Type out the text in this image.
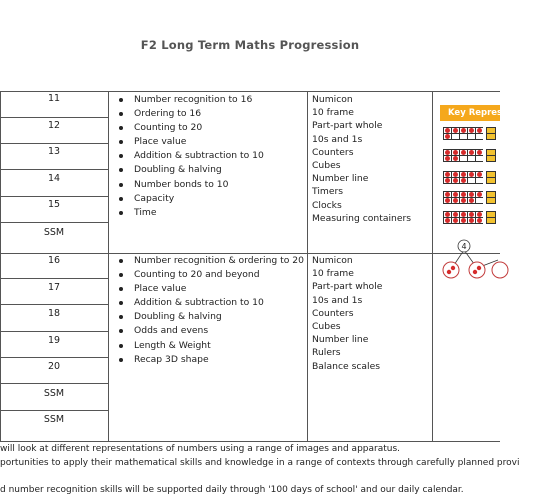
F2 Long Term Maths Progression
11
12
13
14
15
SSM
Number recognition to 16
Ordering to 16
Counting to 20
Place value
Addition & subtraction to 10
Doubling & halving
Number bonds to 10
Capacity
Time
Numicon
10 frame
Part-part whole
10s and 1s
Counters
Cubes
Number line
Timers
Clocks
Measuring containers
Key Representations
4
16
17
18
19
20
SSM
SSM
Number recognition & ordering to 20
Counting to 20 and beyond
Place value
Addition & subtraction to 10
Doubling & halving
Odds and evens
Length & Weight
Recap 3D shape
Numicon
10 frame
Part-part whole
10s and 1s
Counters
Cubes
Number line
Rulers
Balance scales
will look at different representations of numbers using a range of images and apparatus.
portunities to apply their mathematical skills and knowledge in a range of contexts through carefully planned provi
d number recognition skills will be supported daily through '100 days of school' and our daily calendar.
